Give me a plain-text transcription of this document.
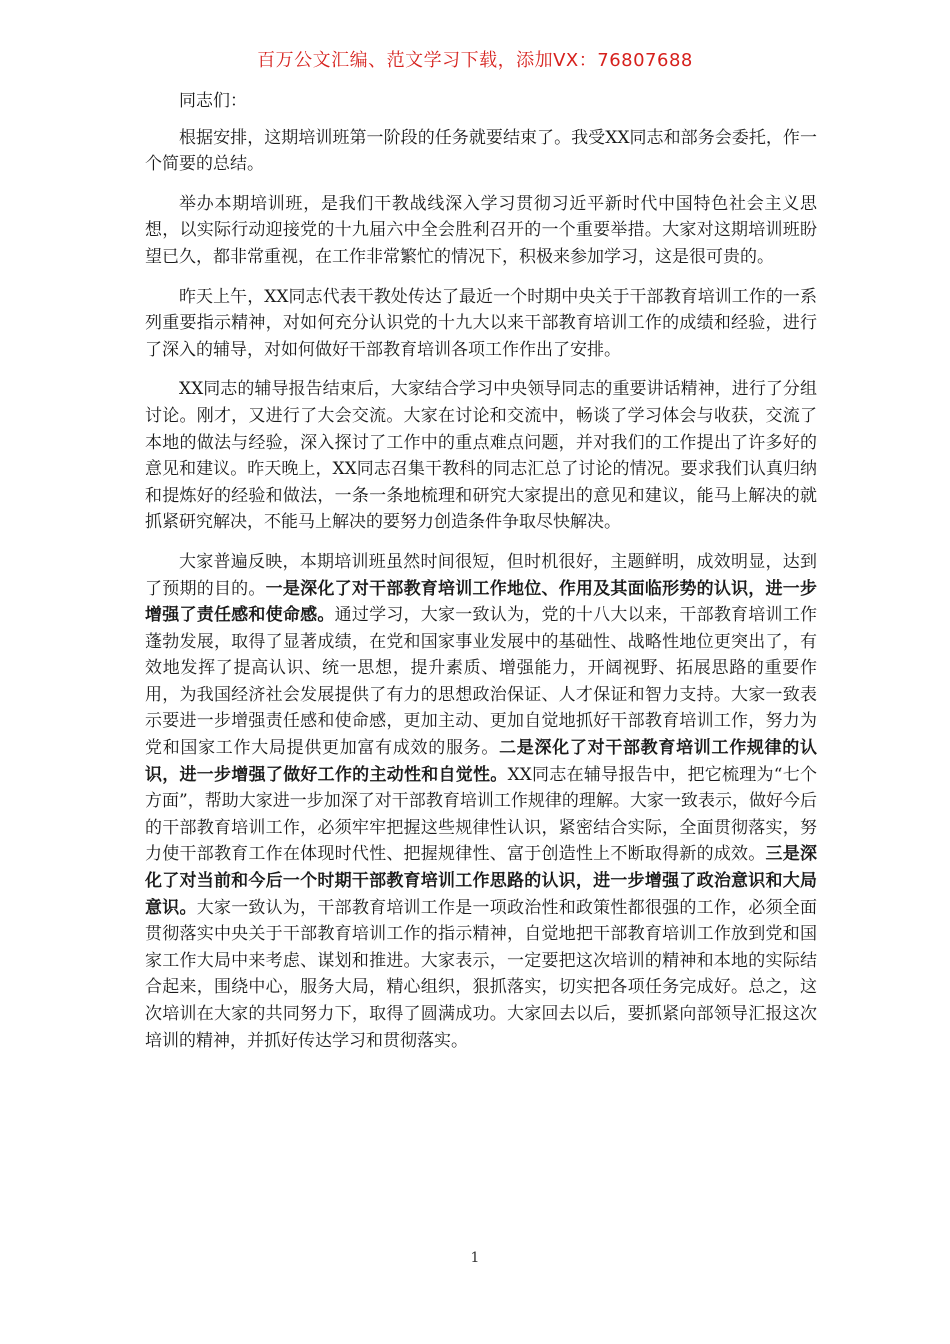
百万公文汇编、范文学习下载，添加VX：76807688

同志们：

根据安排，这期培训班第一阶段的任务就要结束了。我受XX同志和部务会委托，作一个简要的总结。

举办本期培训班，是我们干教战线深入学习贯彻习近平新时代中国特色社会主义思想，以实际行动迎接党的十九届六中全会胜利召开的一个重要举措。大家对这期培训班盼望已久，都非常重视，在工作非常繁忙的情况下，积极来参加学习，这是很可贵的。

昨天上午，XX同志代表干教处传达了最近一个时期中央关于干部教育培训工作的一系列重要指示精神，对如何充分认识党的十九大以来干部教育培训工作的成绩和经验，进行了深入的辅导，对如何做好干部教育培训各项工作作出了安排。

XX同志的辅导报告结束后，大家结合学习中央领导同志的重要讲话精神，进行了分组讨论。刚才，又进行了大会交流。大家在讨论和交流中，畅谈了学习体会与收获，交流了本地的做法与经验，深入探讨了工作中的重点难点问题，并对我们的工作提出了许多好的意见和建议。昨天晚上，XX同志召集干教科的同志汇总了讨论的情况。要求我们认真归纳和提炼好的经验和做法，一条一条地梳理和研究大家提出的意见和建议，能马上解决的就抓紧研究解决，不能马上解决的要努力创造条件争取尽快解决。

大家普遍反映，本期培训班虽然时间很短，但时机很好，主题鲜明，成效明显，达到了预期的目的。一是深化了对干部教育培训工作地位、作用及其面临形势的认识，进一步增强了责任感和使命感。通过学习，大家一致认为，党的十八大以来，干部教育培训工作蓬勃发展，取得了显著成绩，在党和国家事业发展中的基础性、战略性地位更突出了，有效地发挥了提高认识、统一思想，提升素质、增强能力，开阔视野、拓展思路的重要作用，为我国经济社会发展提供了有力的思想政治保证、人才保证和智力支持。大家一致表示要进一步增强责任感和使命感，更加主动、更加自觉地抓好干部教育培训工作，努力为党和国家工作大局提供更加富有成效的服务。二是深化了对干部教育培训工作规律的认识，进一步增强了做好工作的主动性和自觉性。XX同志在辅导报告中，把它梳理为“七个方面”，帮助大家进一步加深了对干部教育培训工作规律的理解。大家一致表示，做好今后的干部教育培训工作，必须牢牢把握这些规律性认识，紧密结合实际，全面贯彻落实，努力使干部教育工作在体现时代性、把握规律性、富于创造性上不断取得新的成效。三是深化了对当前和今后一个时期干部教育培训工作思路的认识，进一步增强了政治意识和大局意识。大家一致认为，干部教育培训工作是一项政治性和政策性都很强的工作，必须全面贯彻落实中央关于干部教育培训工作的指示精神，自觉地把干部教育培训工作放到党和国家工作大局中来考虑、谋划和推进。大家表示，一定要把这次培训的精神和本地的实际结合起来，围绕中心，服务大局，精心组织，狠抓落实，切实把各项任务完成好。总之，这次培训在大家的共同努力下，取得了圆满成功。大家回去以后，要抓紧向部领导汇报这次培训的精神，并抓好传达学习和贯彻落实。

1
